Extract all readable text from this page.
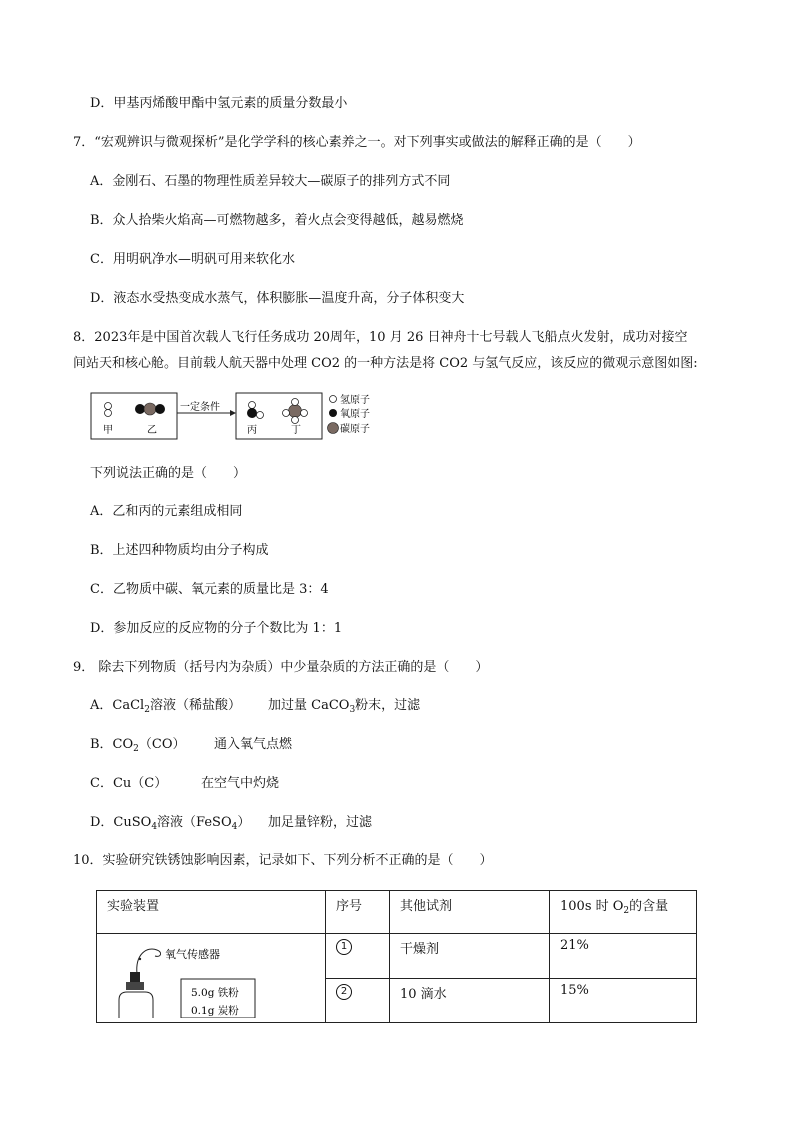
D．甲基丙烯酸甲酯中氢元素的质量分数最小
7．“宏观辨识与微观探析”是化学学科的核心素养之一。对下列事实或做法的解释正确的是（　　）
A．金刚石、石墨的物理性质差异较大—碳原子的排列方式不同
B．众人拾柴火焰高—可燃物越多，着火点会变得越低，越易燃烧
C．用明矾净水—明矾可用来软化水
D．液态水受热变成水蒸气，体积膨胀—温度升高，分子体积变大
8．2023年是中国首次载人飞行任务成功 20周年，10 月 26 日神舟十七号载人飞船点火发射，成功对接空
间站天和核心舱。目前载人航天器中处理 CO2 的一种方法是将 CO2 与氢气反应，该反应的微观示意图如图:
一定条件
甲	乙	丙	丁
氢原子
氧原子
碳原子
下列说法正确的是（　　）
A．乙和丙的元素组成相同
B．上述四种物质均由分子构成
C．乙物质中碳、氧元素的质量比是 3：4
D．参加反应的反应物的分子个数比为 1：1
9． 除去下列物质（括号内为杂质）中少量杂质的方法正确的是（　　）
A．CaCl$_2$溶液（稀盐酸） 加过量 CaCO$_3$粉末，过滤
B．$CO_2(CO)$ 通入氧气点燃
C．Cu（C）	在空气中灼烧
D．CuSO$_4$溶液（FeSO$_4$） 加足量锌粉，过滤
10．实验研究铁锈蚀影响因素，记录如下、下列分析不正确的是（　　）
实验装置	序号	其他试剂	100s 时 $O_2$的含量

氧气传感器
5.0g 铁粉
0.1g 炭粉	1	干燥剂	21%
	2	10 滴水	15%
